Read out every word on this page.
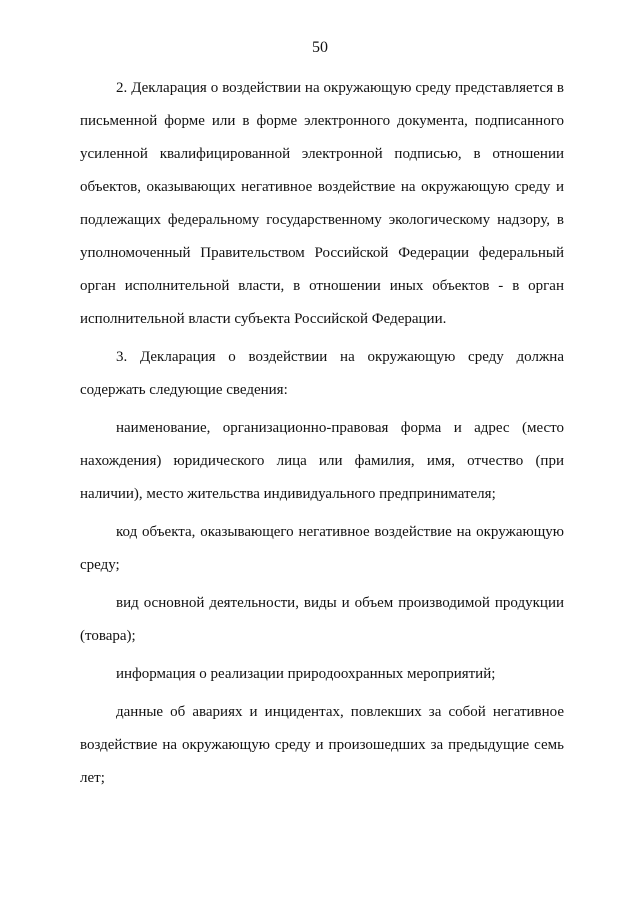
50

2. Декларация о воздействии на окружающую среду представляется в письменной форме или в форме электронного документа, подписанного усиленной квалифицированной электронной подписью, в отношении объектов, оказывающих негативное воздействие на окружающую среду и подлежащих федеральному государственному экологическому надзору, в уполномоченный Правительством Российской Федерации федеральный орган исполнительной власти, в отношении иных объектов - в орган исполнительной власти субъекта Российской Федерации.

3. Декларация о воздействии на окружающую среду должна содержать следующие сведения:

наименование, организационно-правовая форма и адрес (место нахождения) юридического лица или фамилия, имя, отчество (при наличии), место жительства индивидуального предпринимателя;

код объекта, оказывающего негативное воздействие на окружающую среду;

вид основной деятельности, виды и объем производимой продукции (товара);

информация о реализации природоохранных мероприятий;

данные об авариях и инцидентах, повлекших за собой негативное воздействие на окружающую среду и произошедших за предыдущие семь лет;
